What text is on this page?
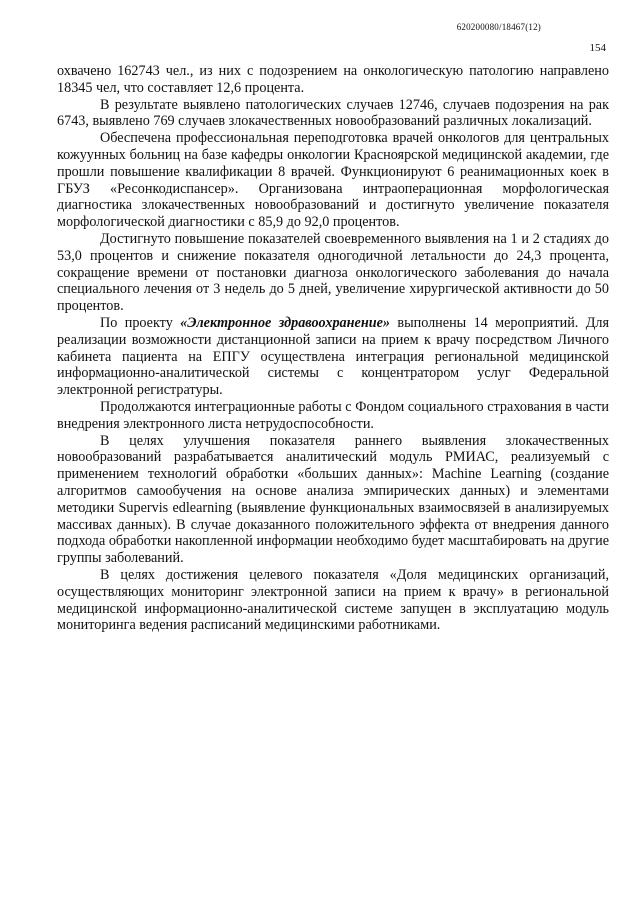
620200080/18467(12)
154

охвачено 162743 чел., из них с подозрением на онкологическую патологию направлено 18345 чел, что составляет 12,6 процента.

В результате выявлено патологических случаев 12746, случаев подозрения на рак 6743, выявлено 769 случаев злокачественных новообразований различных локализаций.

Обеспечена профессиональная переподготовка врачей онкологов для центральных кожуунных больниц на базе кафедры онкологии Красноярской медицинской академии, где прошли повышение квалификации 8 врачей. Функционируют 6 реанимационных коек в ГБУЗ «Ресонкодиспансер». Организована интраоперационная морфологическая диагностика злокачественных новообразований и достигнуто увеличение показателя морфологической диагностики с 85,9 до 92,0 процентов.

Достигнуто повышение показателей своевременного выявления на 1 и 2 стадиях до 53,0 процентов и снижение показателя одногодичной летальности до 24,3 процента, сокращение времени от постановки диагноза онкологического заболевания до начала специального лечения от 3 недель до 5 дней, увеличение хирургической активности до 50 процентов.

По проекту «Электронное здравоохранение» выполнены 14 мероприятий. Для реализации возможности дистанционной записи на прием к врачу посредством Личного кабинета пациента на ЕПГУ осуществлена интеграция региональной медицинской информационно-аналитической системы с концентратором услуг Федеральной электронной регистратуры.

Продолжаются интеграционные работы с Фондом социального страхования в части внедрения электронного листа нетрудоспособности.

В целях улучшения показателя раннего выявления злокачественных новообразований разрабатывается аналитический модуль РМИАС, реализуемый с применением технологий обработки «больших данных»: Machine Learning (создание алгоритмов самообучения на основе анализа эмпирических данных) и элементами методики Supervis edlearning (выявление функциональных взаимосвязей в анализируемых массивах данных). В случае доказанного положительного эффекта от внедрения данного подхода обработки накопленной информации необходимо будет масштабировать на другие группы заболеваний.

В целях достижения целевого показателя «Доля медицинских организаций, осуществляющих мониторинг электронной записи на прием к врачу» в региональной медицинской информационно-аналитической системе запущен в эксплуатацию модуль мониторинга ведения расписаний медицинскими работниками.
